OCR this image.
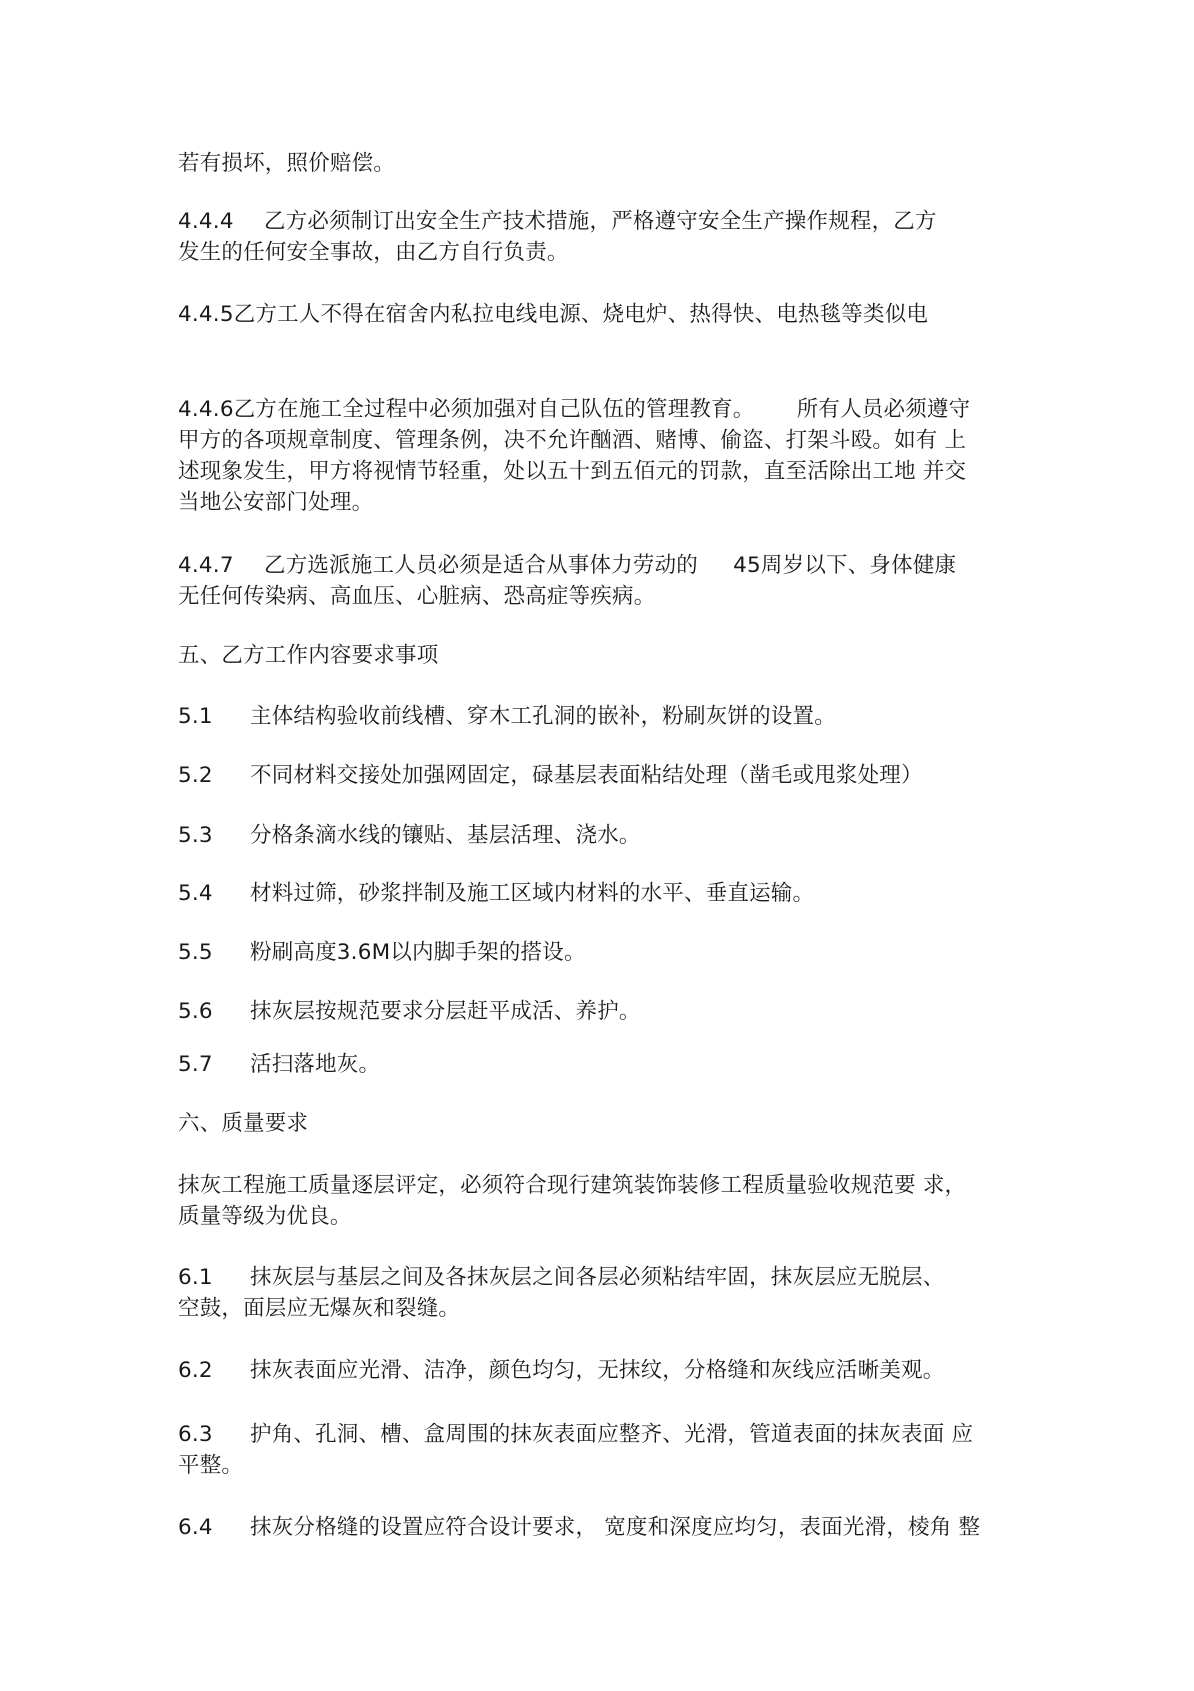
若有损坏，照价赔偿。
4.4.4 乙方必须制订出安全生产技术措施，严格遵守安全生产操作规程，乙方
发生的任何安全事故，由乙方自行负责。
4.4.5乙方工人不得在宿舍内私拉电线电源、烧电炉、热得快、电热毯等类似电
4.4.6乙方在施工全过程中必须加强对自己队伍的管理教育。      所有人员必须遵守
甲方的各项规章制度、管理条例，决不允许酗酒、赌博、偷盗、打架斗殴。如有 上
述现象发生，甲方将视情节轻重，处以五十到五佰元的罚款，直至活除出工地 并交
当地公安部门处理。
4.4.7 乙方选派施工人员必须是适合从事体力劳动的     45周岁以下、身体健康
无任何传染病、高血压、心脏病、恐高症等疾病。
五、乙方工作内容要求事项
5.1 主体结构验收前线槽、穿木工孔洞的嵌补，粉刷灰饼的设置。
5.2 不同材料交接处加强网固定，碌基层表面粘结处理（凿毛或甩浆处理）
5.3 分格条滴水线的镶贴、基层活理、浇水。
5.4 材料过筛，砂浆拌制及施工区域内材料的水平、垂直运输。
5.5 粉刷高度3.6M以内脚手架的搭设。
5.6 抹灰层按规范要求分层赶平成活、养护。
5.7 活扫落地灰。
六、质量要求
抹灰工程施工质量逐层评定，必须符合现行建筑装饰装修工程质量验收规范要 求，
质量等级为优良。
6.1 抹灰层与基层之间及各抹灰层之间各层必须粘结牢固，抹灰层应无脱层、
空鼓，面层应无爆灰和裂缝。
6.2 抹灰表面应光滑、洁净，颜色均匀，无抹纹，分格缝和灰线应活晰美观。
6.3 护角、孔洞、槽、盒周围的抹灰表面应整齐、光滑，管道表面的抹灰表面 应
平整。
6.4 抹灰分格缝的设置应符合设计要求， 宽度和深度应均匀，表面光滑，棱角 整
